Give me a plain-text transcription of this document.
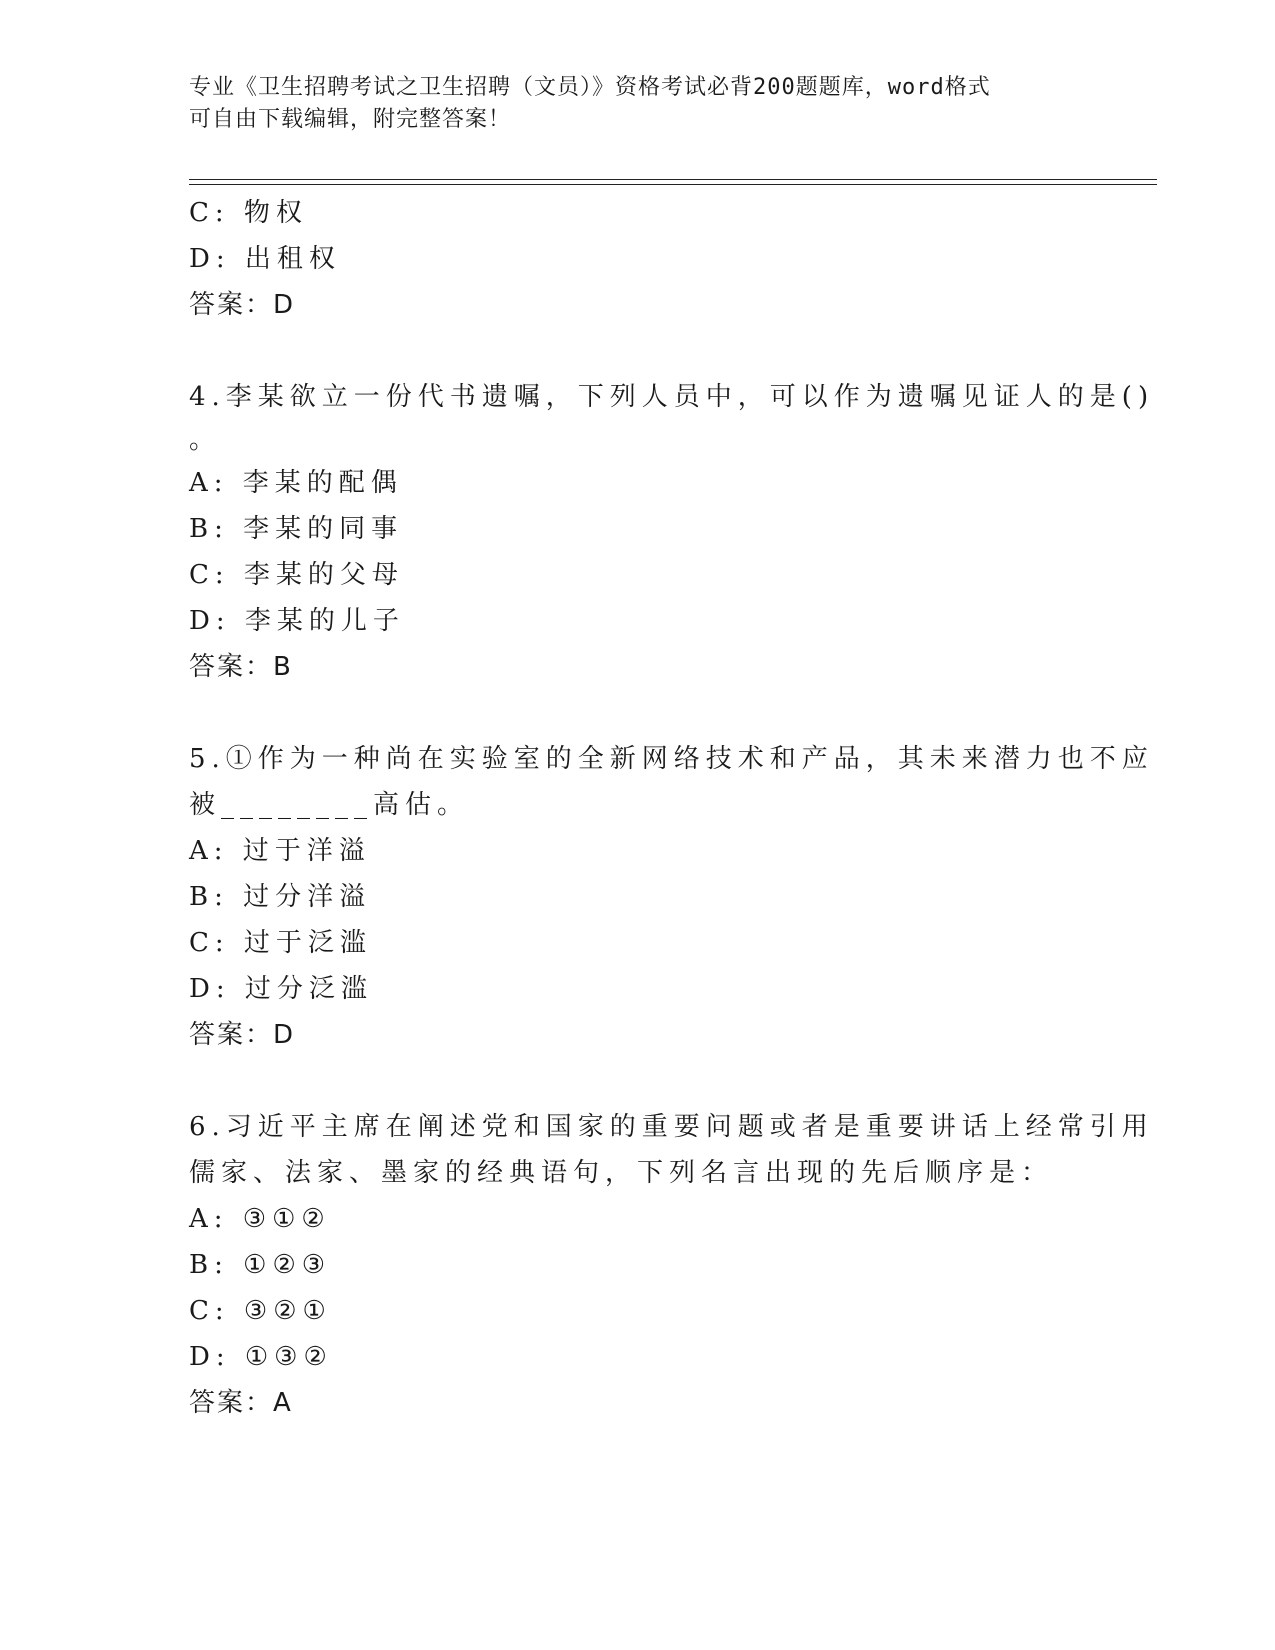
专业《卫生招聘考试之卫生招聘（文员）》资格考试必背200题题库，word格式
可自由下载编辑，附完整答案！
C: 物权
D: 出租权
答案：D
4.李某欲立一份代书遗嘱，下列人员中，可以作为遗嘱见证人的是()
。
A: 李某的配偶
B: 李某的同事
C: 李某的父母
D: 李某的儿子
答案：B
5.①作为一种尚在实验室的全新网络技术和产品，其未来潜力也不应
被________高估。
A: 过于洋溢
B: 过分洋溢
C: 过于泛滥
D: 过分泛滥
答案：D
6.习近平主席在阐述党和国家的重要问题或者是重要讲话上经常引用
儒家、法家、墨家的经典语句，下列名言出现的先后顺序是：
A: ③①②
B: ①②③
C: ③②①
D: ①③②
答案：A
